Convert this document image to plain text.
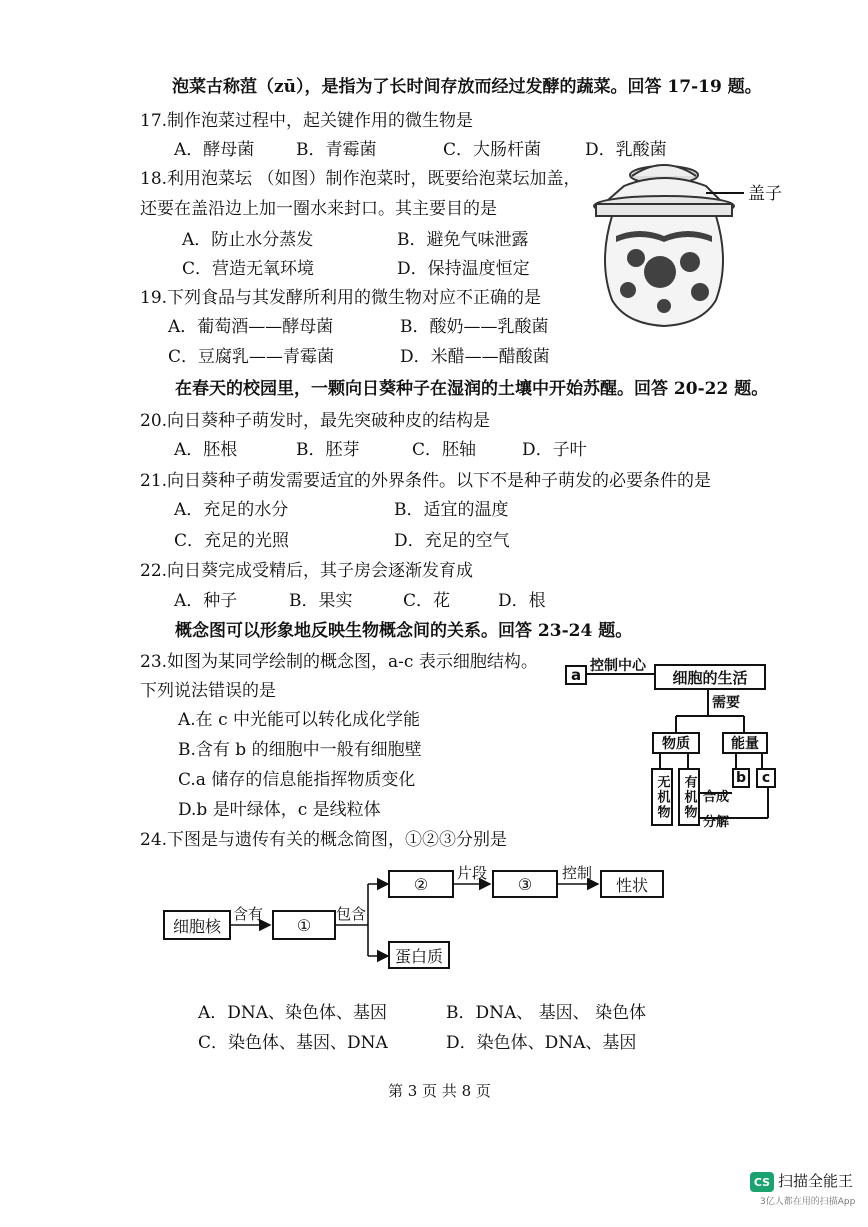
泡菜古称菹（zū），是指为了长时间存放而经过发酵的蔬菜。回答 17-19 题。
17.制作泡菜过程中，起关键作用的微生物是
A．酵母菌 B．青霉菌	C．大肠杆菌	D．乳酸菌
18.利用泡菜坛 （如图）制作泡菜时，既要给泡菜坛加盖，
还要在盖沿边上加一圈水来封口。其主要目的是
A．防止水分蒸发	B．避免气味泄露
C．营造无氧环境	D．保持温度恒定
盖子
19.下列食品与其发酵所利用的微生物对应不正确的是
A．葡萄酒——酵母菌	B．酸奶——乳酸菌
C．豆腐乳——青霉菌	D．米醋——醋酸菌
在春天的校园里，一颗向日葵种子在湿润的土壤中开始苏醒。回答 20-22 题。
20.向日葵种子萌发时，最先突破种皮的结构是
A．胚根	B．胚芽	C．胚轴	D．子叶
21.向日葵种子萌发需要适宜的外界条件。以下不是种子萌发的必要条件的是
A．充足的水分	B．适宜的温度
C．充足的光照	D．充足的空气
22.向日葵完成受精后，其子房会逐渐发育成
A．种子	B．果实	C．花	D．根
概念图可以形象地反映生物概念间的关系。回答 23-24 题。
23.如图为某同学绘制的概念图，a-c 表示细胞结构。
下列说法错误的是
A.在 c 中光能可以转化成化学能
B.含有 b 的细胞中一般有细胞壁
C.a 储存的信息能指挥物质变化
D.b 是叶绿体，c 是线粒体
a 控制中心
细胞的生活
需要
物质	能量
无机物 有机物	b	c
合成
分解
24.下图是与遗传有关的概念简图，①②③分别是
细胞核
含有
①
包含
②
片段
③
控制
性状
蛋白质
A．DNA、染色体、基因	B．DNA、 基因、 染色体
C．染色体、基因、DNA	D．染色体、DNA、基因
第 3 页 共 8 页
CS 扫描全能王
3亿人都在用的扫描App
